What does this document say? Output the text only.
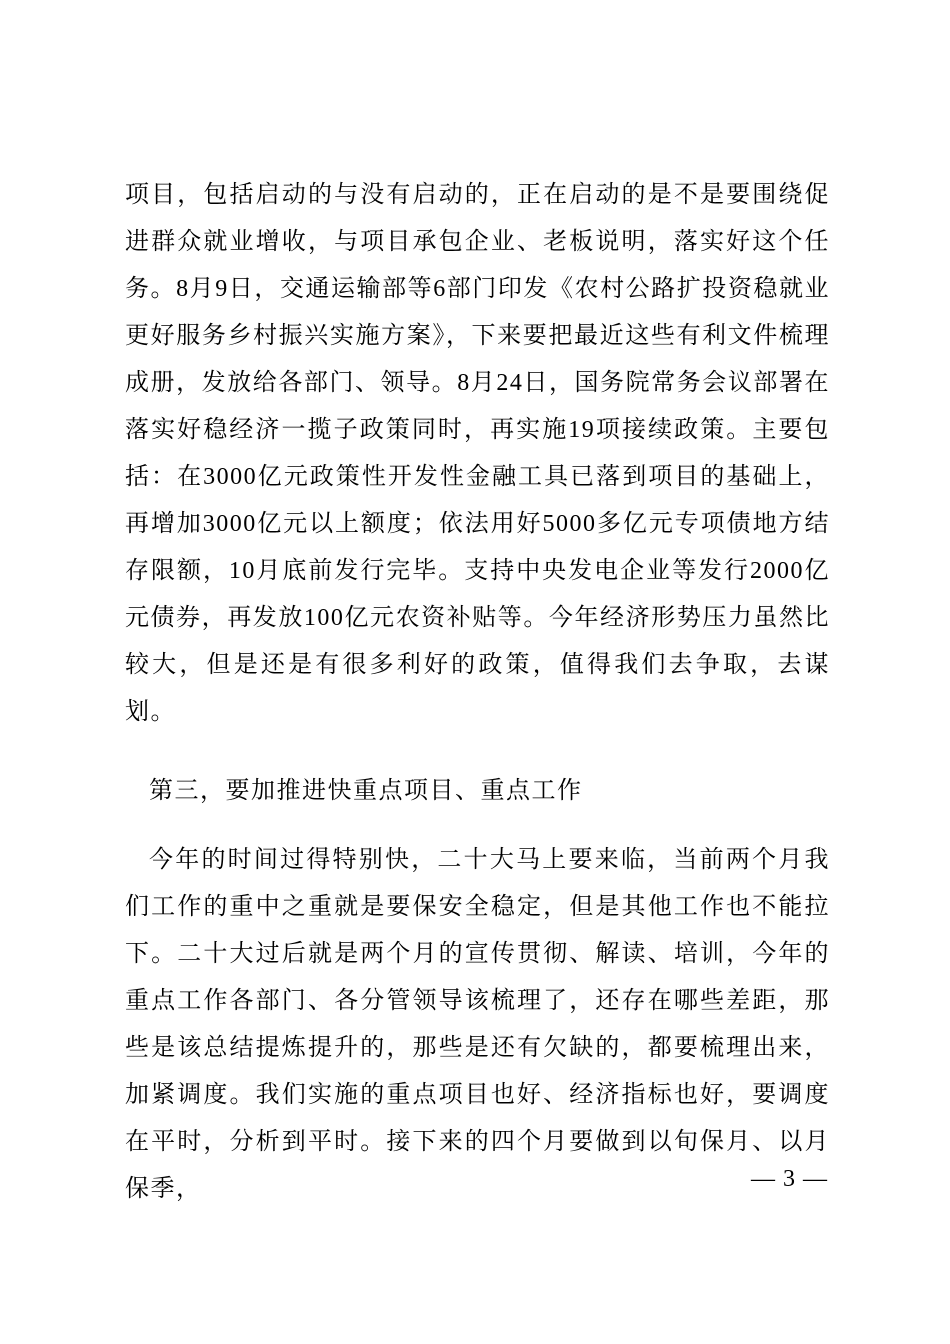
项目，包括启动的与没有启动的，正在启动的是不是要围绕促进群众就业增收，与项目承包企业、老板说明，落实好这个任务。8月9日，交通运输部等6部门印发《农村公路扩投资稳就业更好服务乡村振兴实施方案》，下来要把最近这些有利文件梳理成册，发放给各部门、领导。8月24日，国务院常务会议部署在落实好稳经济一揽子政策同时，再实施19项接续政策。主要包括：在3000亿元政策性开发性金融工具已落到项目的基础上，再增加3000亿元以上额度；依法用好5000多亿元专项债地方结存限额，10月底前发行完毕。支持中央发电企业等发行2000亿元债券，再发放100亿元农资补贴等。今年经济形势压力虽然比较大，但是还是有很多利好的政策，值得我们去争取，去谋划。

第三，要加推进快重点项目、重点工作

今年的时间过得特别快，二十大马上要来临，当前两个月我们工作的重中之重就是要保安全稳定，但是其他工作也不能拉下。二十大过后就是两个月的宣传贯彻、解读、培训，今年的重点工作各部门、各分管领导该梳理了，还存在哪些差距，那些是该总结提炼提升的，那些是还有欠缺的，都要梳理出来，加紧调度。我们实施的重点项目也好、经济指标也好，要调度在平时，分析到平时。接下来的四个月要做到以旬保月、以月保季，	— 3 —
